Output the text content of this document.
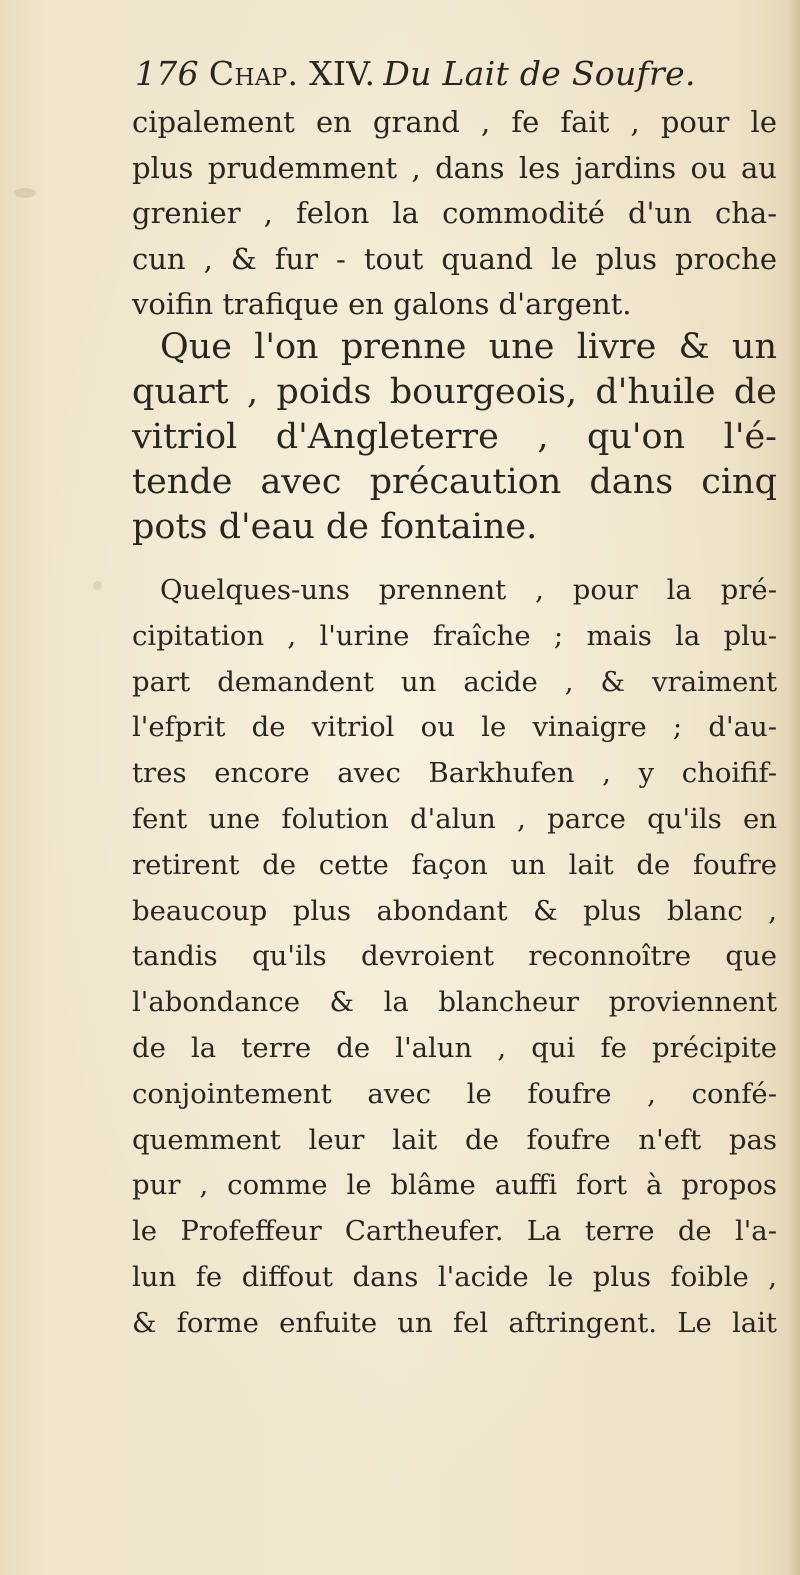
176 Chap. XIV. Du Lait de Soufre.
cipalement en grand , fe fait , pour le
plus prudemment , dans les jardins ou au
grenier , felon la commodité d'un cha-
cun , & fur - tout quand le plus proche
voifin trafique en galons d'argent.
Que l'on prenne une livre & un
quart , poids bourgeois, d'huile de
vitriol d'Angleterre , qu'on l'é-
tende avec précaution dans cinq
pots d'eau de fontaine.
Quelques-uns prennent , pour la pré-
cipitation , l'urine fraîche ; mais la plu-
part demandent un acide , & vraiment
l'efprit de vitriol ou le vinaigre ; d'au-
tres encore avec Barkhufen , y choifif-
fent une folution d'alun , parce qu'ils en
retirent de cette façon un lait de foufre
beaucoup plus abondant & plus blanc ,
tandis qu'ils devroient reconnoître que
l'abondance & la blancheur proviennent
de la terre de l'alun , qui fe précipite
conjointement avec le foufre , confé-
quemment leur lait de foufre n'eft pas
pur , comme le blâme auffi fort à propos
le Profeffeur Cartheufer. La terre de l'a-
lun fe diffout dans l'acide le plus foible ,
& forme enfuite un fel aftringent. Le lait
